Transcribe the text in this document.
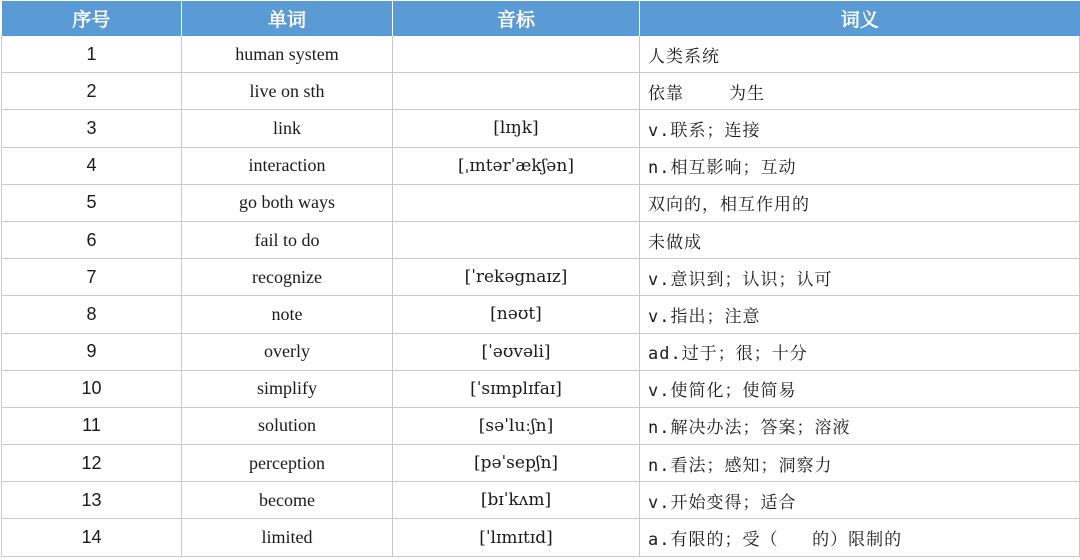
序号	单词	音标	词义
1	human system		人类系统
2	live on sth		依靠    为生
3	link	[lɪŋk]	v.联系；连接
4	interaction	[ˌɪntərˈækʃən]	n.相互影响；互动
5	go both ways		双向的，相互作用的
6	fail to do		未做成
7	recognize	[ˈrekəgnaɪz]	v.意识到；认识；认可
8	note	[nəʊt]	v.指出；注意
9	overly	[ˈəʊvəli]	ad.过于；很；十分
10	simplify	[ˈsɪmplɪfaɪ]	v.使简化；使简易
11	solution	[səˈluːʃn]	n.解决办法；答案；溶液
12	perception	[pəˈsepʃn]	n.看法；感知；洞察力
13	become	[bɪˈkʌm]	v.开始变得；适合
14	limited	[ˈlɪmɪtɪd]	a.有限的；受（   的）限制的
